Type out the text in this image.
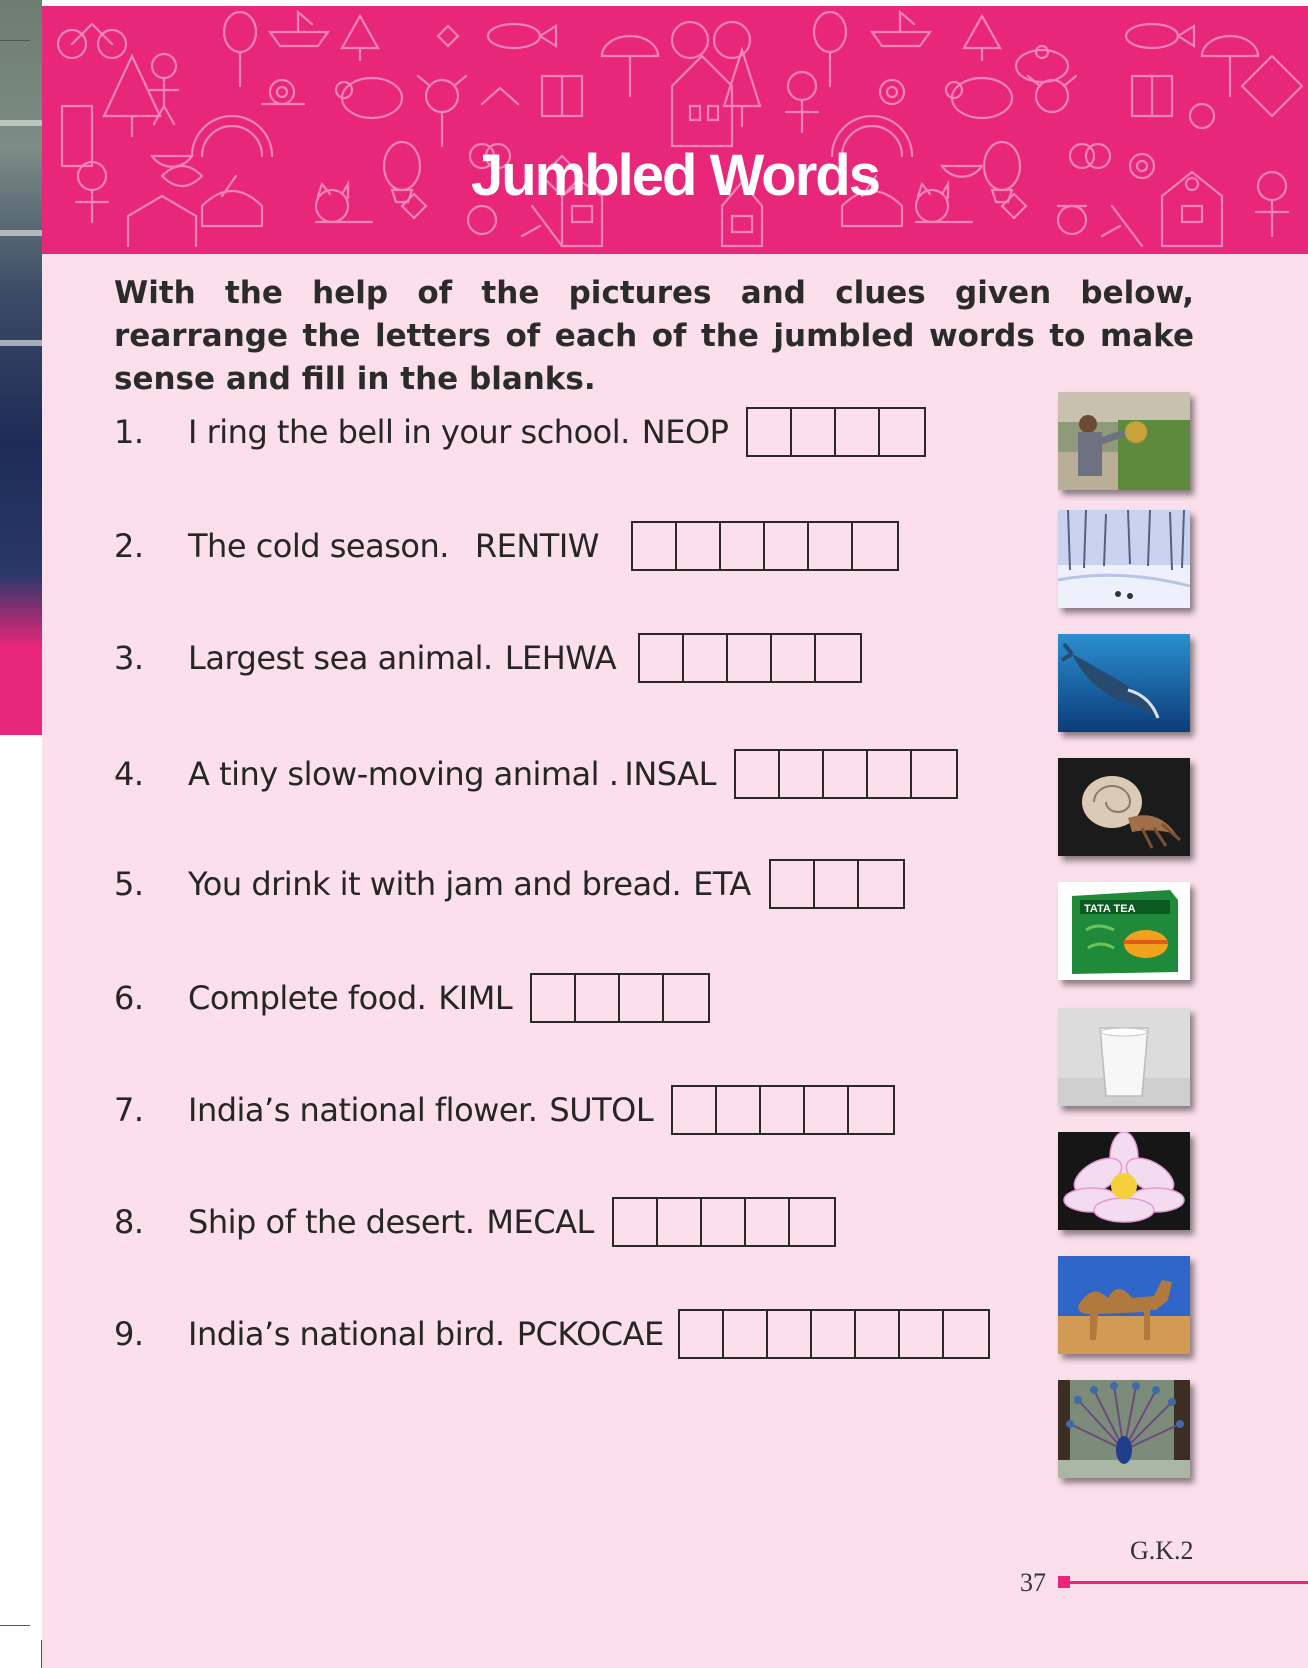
Jumbled Words

With the help of the pictures and clues given below, rearrange the letters of each of the jumbled words to make sense and fill in the blanks.

1.	I ring the bell in your school. NEOP
2.	The cold season. RENTIW
3.	Largest sea animal. LEHWA
4.	A tiny slow-moving animal . INSAL
5.	You drink it with jam and bread. ETA
6.	Complete food. KIML
7.	India’s national flower. SUTOL
8.	Ship of the desert. MECAL
9.	India’s national bird. PCKOCAE
TATA TEA
G.K.2
37
